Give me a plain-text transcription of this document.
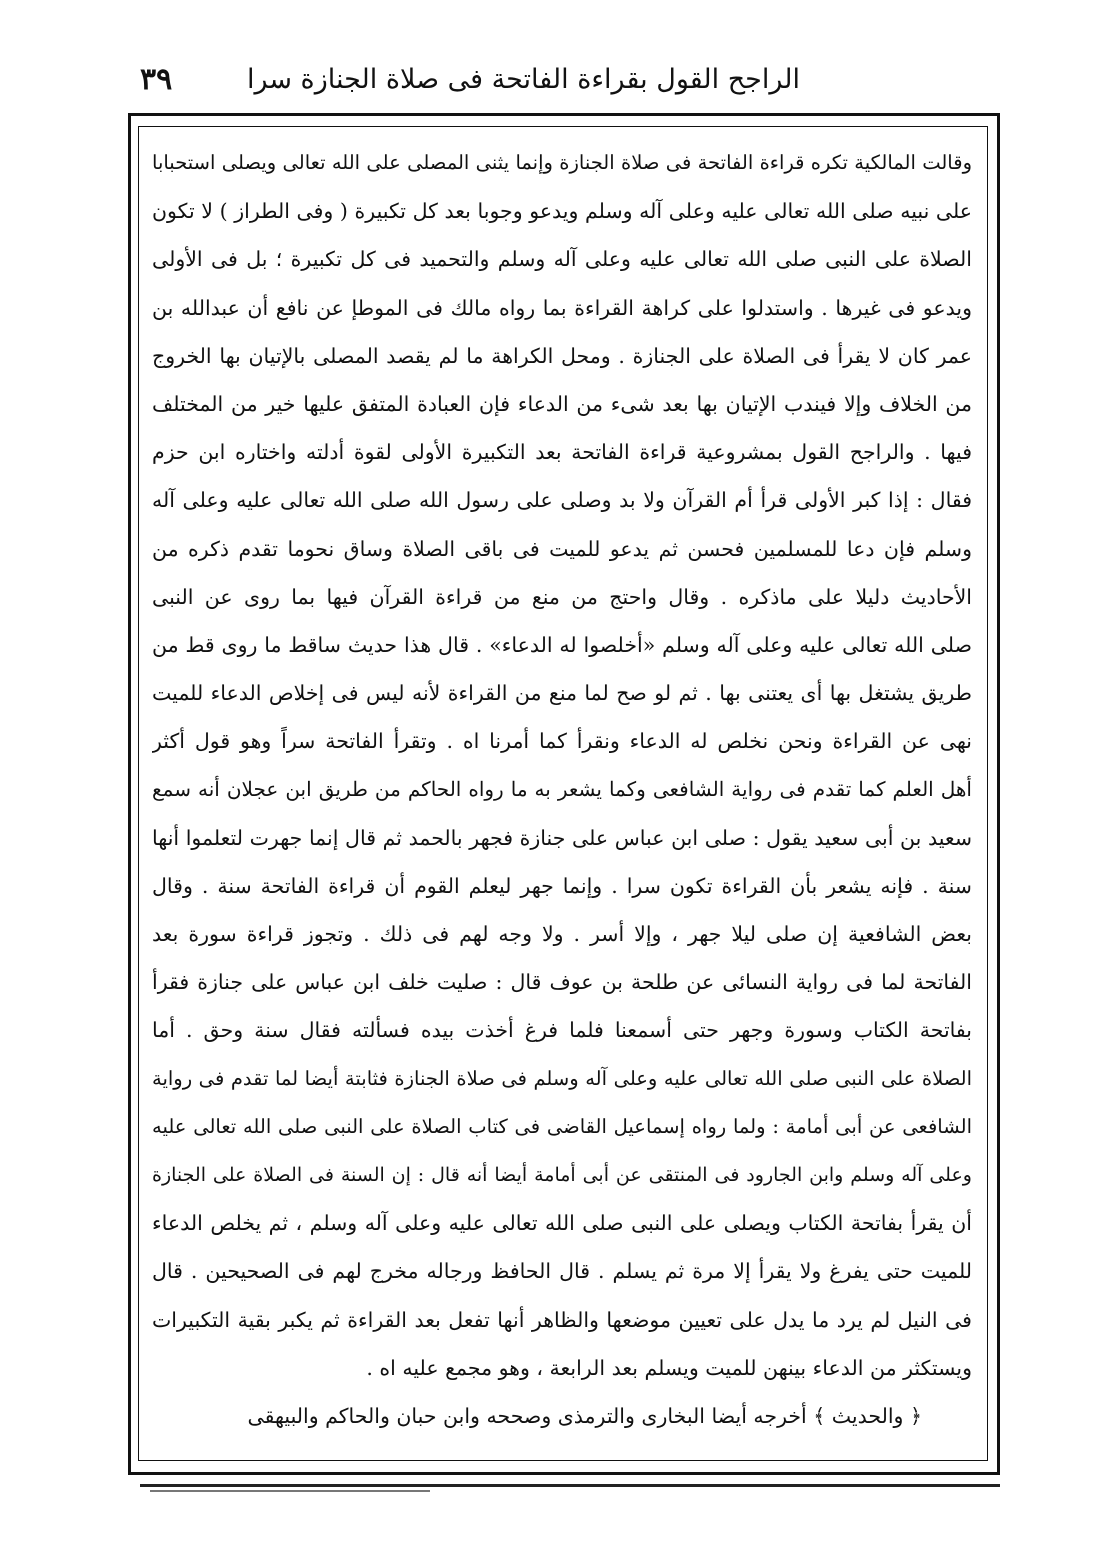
الراجح القول بقراءة الفاتحة فى صلاة الجنازة سرا
٣٩
وقالت المالكية تكره قراءة الفاتحة فى صلاة الجنازة وإنما يثنى المصلى على الله تعالى ويصلى استحبابا
على نبيه صلى الله تعالى عليه وعلى آله وسلم ويدعو وجوبا بعد كل تكبيرة ( وفى الطراز ) لا تكون
الصلاة على النبى صلى الله تعالى عليه وعلى آله وسلم والتحميد فى كل تكبيرة ؛ بل فى الأولى
ويدعو فى غيرها . واستدلوا على كراهة القراءة بما رواه مالك فى الموطإ عن نافع أن عبدالله بن
عمر كان لا يقرأ فى الصلاة على الجنازة . ومحل الكراهة ما لم يقصد المصلى بالإتيان بها الخروج
من الخلاف وإلا فيندب الإتيان بها بعد شىء من الدعاء فإن العبادة المتفق عليها خير من المختلف
فيها . والراجح القول بمشروعية قراءة الفاتحة بعد التكبيرة الأولى لقوة أدلته واختاره ابن حزم
فقال : إذا كبر الأولى قرأ أم القرآن ولا بد وصلى على رسول الله صلى الله تعالى عليه وعلى آله
وسلم فإن دعا للمسلمين فحسن ثم يدعو للميت فى باقى الصلاة وساق نحوما تقدم ذكره من
الأحاديث دليلا على ماذكره . وقال واحتج من منع من قراءة القرآن فيها بما روى عن النبى
صلى الله تعالى عليه وعلى آله وسلم «أخلصوا له الدعاء» . قال هذا حديث ساقط ما روى قط من
طريق يشتغل بها أى يعتنى بها . ثم لو صح لما منع من القراءة لأنه ليس فى إخلاص الدعاء للميت
نهى عن القراءة ونحن نخلص له الدعاء ونقرأ كما أمرنا اه . وتقرأ الفاتحة سراً وهو قول أكثر
أهل العلم كما تقدم فى رواية الشافعى وكما يشعر به ما رواه الحاكم من طريق ابن عجلان أنه سمع
سعيد بن أبى سعيد يقول : صلى ابن عباس على جنازة فجهر بالحمد ثم قال إنما جهرت لتعلموا أنها
سنة . فإنه يشعر بأن القراءة تكون سرا . وإنما جهر ليعلم القوم أن قراءة الفاتحة سنة . وقال
بعض الشافعية إن صلى ليلا جهر ، وإلا أسر . ولا وجه لهم فى ذلك . وتجوز قراءة سورة بعد
الفاتحة لما فى رواية النسائى عن طلحة بن عوف قال : صليت خلف ابن عباس على جنازة فقرأ
بفاتحة الكتاب وسورة وجهر حتى أسمعنا فلما فرغ أخذت بيده فسألته فقال سنة وحق . أما
الصلاة على النبى صلى الله تعالى عليه وعلى آله وسلم فى صلاة الجنازة فثابتة أيضا لما تقدم فى رواية
الشافعى عن أبى أمامة : ولما رواه إسماعيل القاضى فى كتاب الصلاة على النبى صلى الله تعالى عليه
وعلى آله وسلم وابن الجارود فى المنتقى عن أبى أمامة أيضا أنه قال : إن السنة فى الصلاة على الجنازة
أن يقرأ بفاتحة الكتاب ويصلى على النبى صلى الله تعالى عليه وعلى آله وسلم ، ثم يخلص الدعاء
للميت حتى يفرغ ولا يقرأ إلا مرة ثم يسلم . قال الحافظ ورجاله مخرج لهم فى الصحيحين . قال
فى النيل لم يرد ما يدل على تعيين موضعها والظاهر أنها تفعل بعد القراءة ثم يكبر بقية التكبيرات
ويستكثر من الدعاء بينهن للميت ويسلم بعد الرابعة ، وهو مجمع عليه اه .
﴿ والحديث ﴾ أخرجه أيضا البخارى والترمذى وصححه وابن حبان والحاكم والبيهقى
